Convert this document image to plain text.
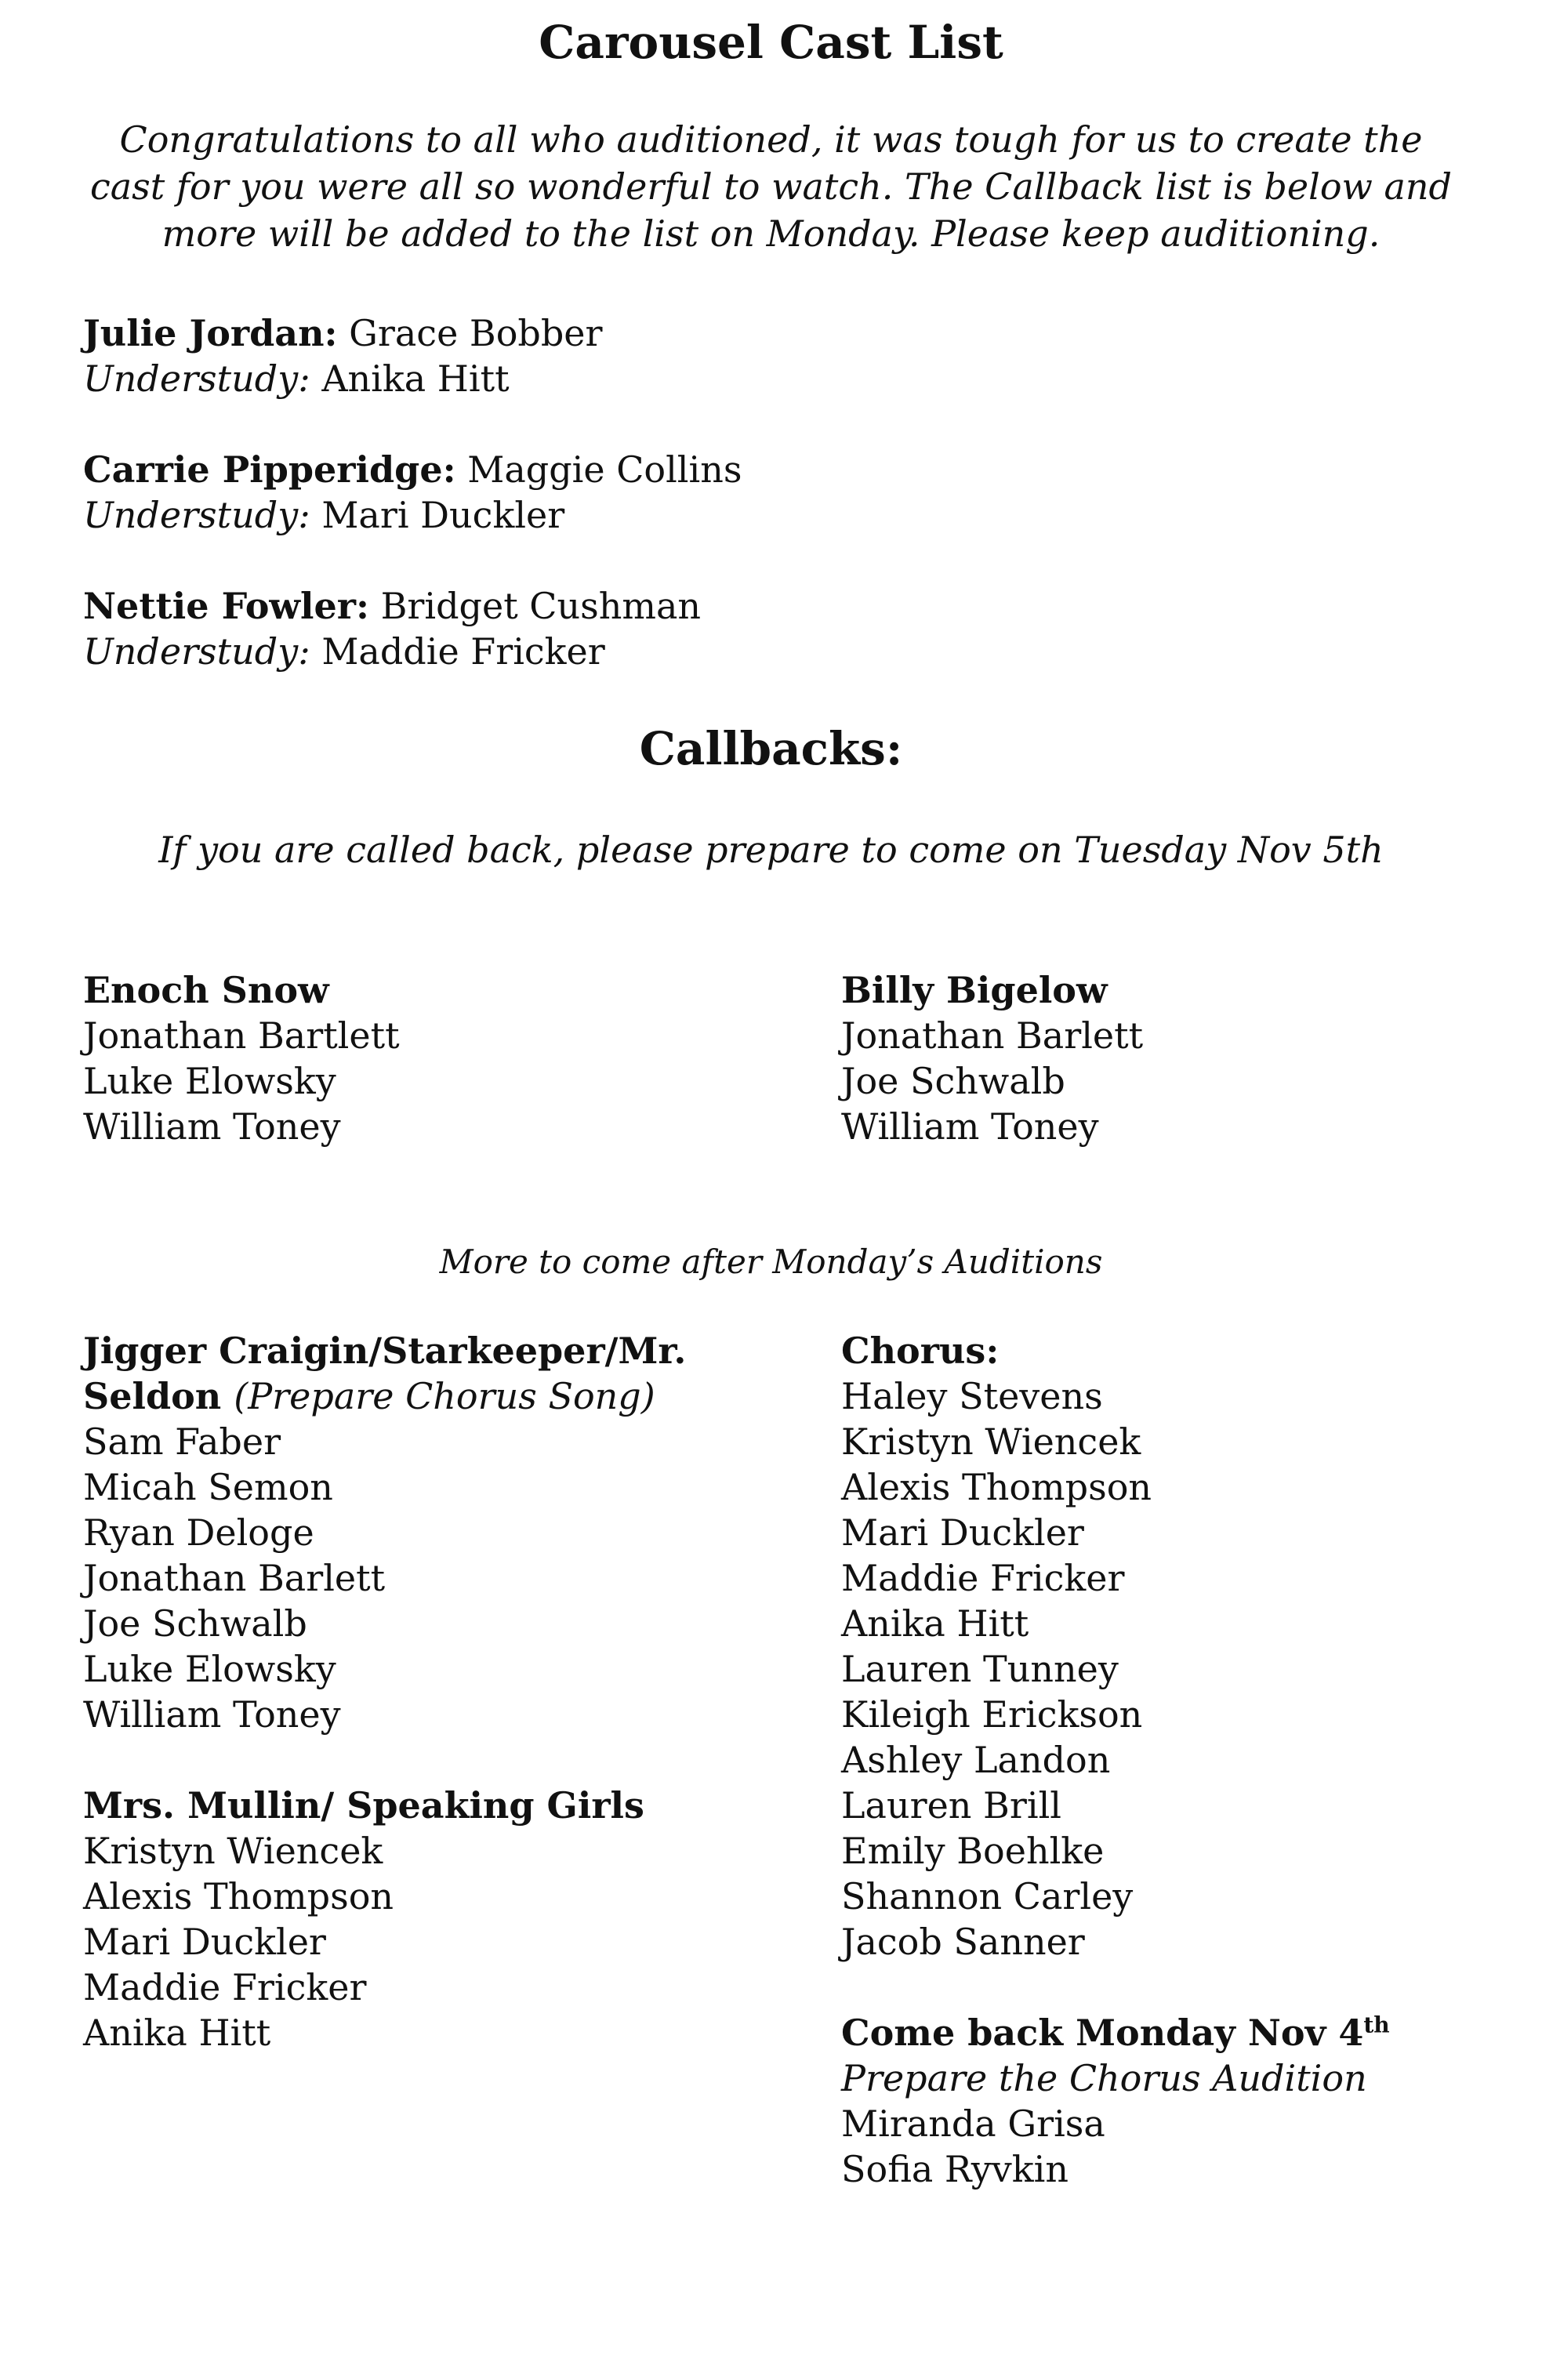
Carousel Cast List
Congratulations to all who auditioned, it was tough for us to create the cast for you were all so wonderful to watch. The Callback list is below and more will be added to the list on Monday. Please keep auditioning.
Julie Jordan: Grace Bobber
Understudy: Anika Hitt
Carrie Pipperidge: Maggie Collins
Understudy: Mari Duckler
Nettie Fowler: Bridget Cushman
Understudy: Maddie Fricker
Callbacks:
If you are called back, please prepare to come on Tuesday Nov 5th
Enoch Snow
Jonathan Bartlett
Luke Elowsky
William Toney
Billy Bigelow
Jonathan Barlett
Joe Schwalb
William Toney
More to come after Monday’s Auditions
Jigger Craigin/Starkeeper/Mr.
Seldon (Prepare Chorus Song)
Sam Faber
Micah Semon
Ryan Deloge
Jonathan Barlett
Joe Schwalb
Luke Elowsky
William Toney
Mrs. Mullin/ Speaking Girls
Kristyn Wiencek
Alexis Thompson
Mari Duckler
Maddie Fricker
Anika Hitt
Chorus:
Haley Stevens
Kristyn Wiencek
Alexis Thompson
Mari Duckler
Maddie Fricker
Anika Hitt
Lauren Tunney
Kileigh Erickson
Ashley Landon
Lauren Brill
Emily Boehlke
Shannon Carley
Jacob Sanner
Come back Monday Nov 4th
Prepare the Chorus Audition
Miranda Grisa
Sofia Ryvkin
